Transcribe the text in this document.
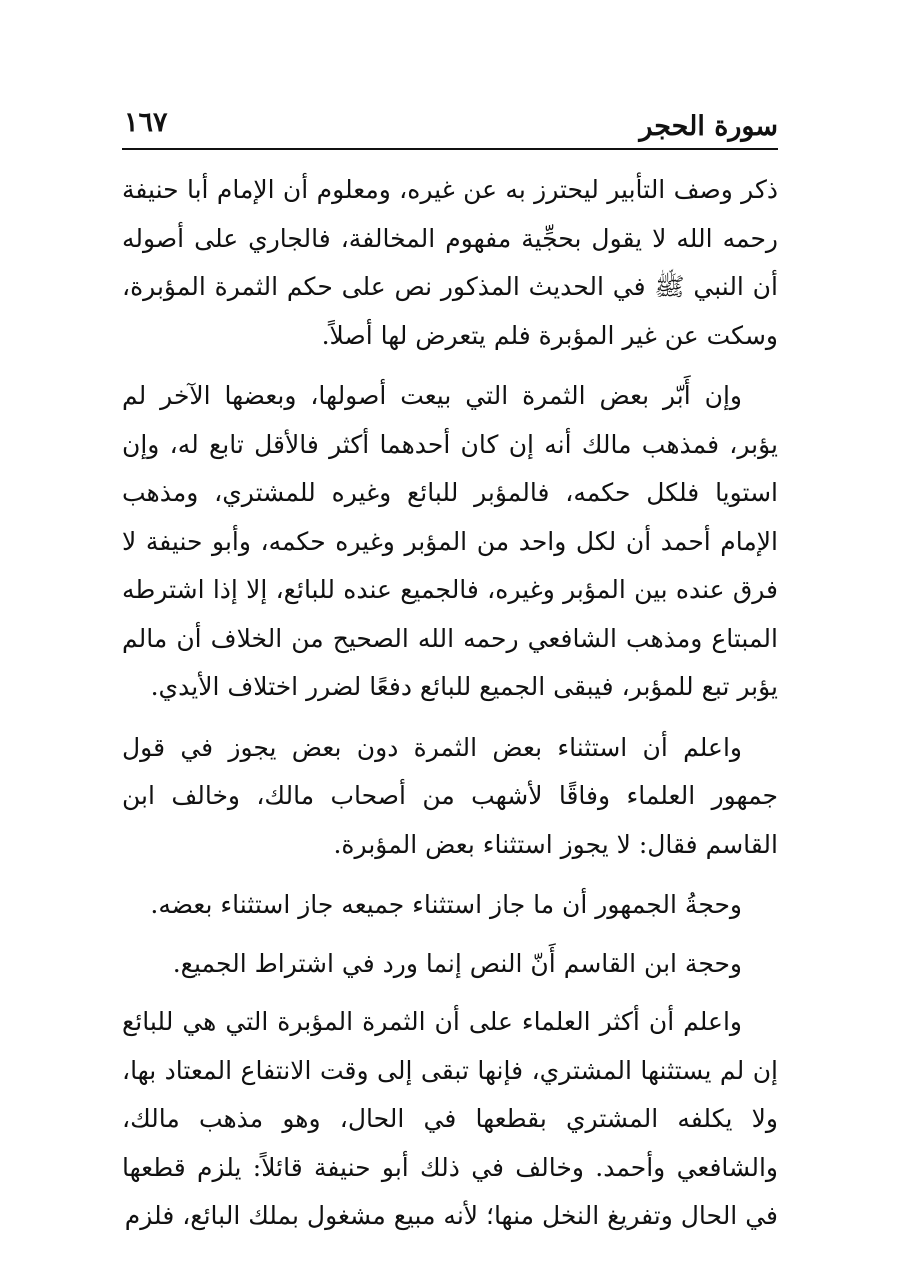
سورة الحجر
١٦٧

ذكر وصف التأبير ليحترز به عن غيره، ومعلوم أن الإمام أبا حنيفة رحمه الله لا يقول بحجِّية مفهوم المخالفة، فالجاري على أصوله أن النبي ﷺ في الحديث المذكور نص على حكم الثمرة المؤبرة، وسكت عن غير المؤبرة فلم يتعرض لها أصلاً.

وإن أَبّر بعض الثمرة التي بيعت أصولها، وبعضها الآخر لم يؤبر، فمذهب مالك أنه إن كان أحدهما أكثر فالأقل تابع له، وإن استويا فلكل حكمه، فالمؤبر للبائع وغيره للمشتري، ومذهب الإمام أحمد أن لكل واحد من المؤبر وغيره حكمه، وأبو حنيفة لا فرق عنده بين المؤبر وغيره، فالجميع عنده للبائع، إلا إذا اشترطه المبتاع ومذهب الشافعي رحمه الله الصحيح من الخلاف أن مالم يؤبر تبع للمؤبر، فيبقى الجميع للبائع دفعًا لضرر اختلاف الأيدي.

واعلم أن استثناء بعض الثمرة دون بعض يجوز في قول جمهور العلماء وفاقًا لأشهب من أصحاب مالك، وخالف ابن القاسم فقال: لا يجوز استثناء بعض المؤبرة.

وحجةُ الجمهور أن ما جاز استثناء جميعه جاز استثناء بعضه.

وحجة ابن القاسم أَنّ النص إنما ورد في اشتراط الجميع.

واعلم أن أكثر العلماء على أن الثمرة المؤبرة التي هي للبائع إن لم يستثنها المشتري، فإنها تبقى إلى وقت الانتفاع المعتاد بها، ولا يكلفه المشتري بقطعها في الحال، وهو مذهب مالك، والشافعي وأحمد. وخالف في ذلك أبو حنيفة قائلاً: يلزم قطعها في الحال وتفريغ النخل منها؛ لأنه مبيع مشغول بملك البائع، فلزم
